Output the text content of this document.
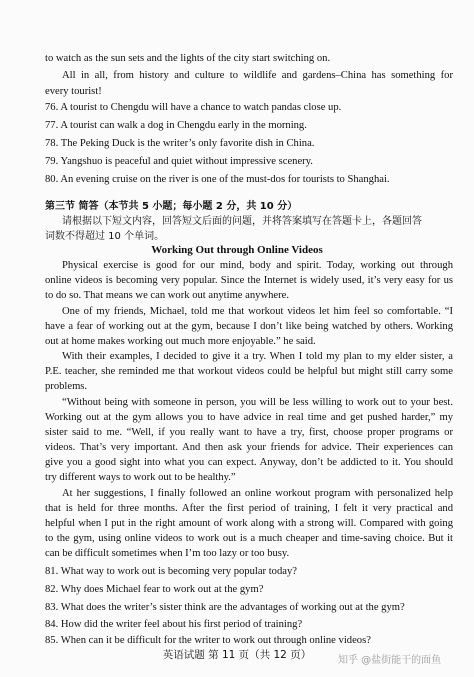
to watch as the sun sets and the lights of the city start switching on.
All in all, from history and culture to wildlife and gardens–China has something for
every tourist!
76. A tourist to Chengdu will have a chance to watch pandas close up.
77. A tourist can walk a dog in Chengdu early in the morning.
78. The Peking Duck is the writer’s only favorite dish in China.
79. Yangshuo is peaceful and quiet without impressive scenery.
80. An evening cruise on the river is one of the must-dos for tourists to Shanghai.
第三节 简答（本节共 5 小题；每小题 2 分，共 10 分）
请根据以下短文内容，回答短文后面的问题，并将答案填写在答题卡上，各题回答
词数不得超过 10 个单词。
Working Out through Online Videos
Physical exercise is good for our mind, body and spirit. Today, working out through
online videos is becoming very popular. Since the Internet is widely used, it’s very easy for us
to do so. That means we can work out anytime anywhere.
One of my friends, Michael, told me that workout videos let him feel so comfortable. “I
have a fear of working out at the gym, because I don’t like being watched by others. Working
out at home makes working out much more enjoyable.” he said.
With their examples, I decided to give it a try. When I told my plan to my elder sister, a
P.E. teacher, she reminded me that workout videos could be helpful but might still carry some
problems.
“Without being with someone in person, you will be less willing to work out to your best.
Working out at the gym allows you to have advice in real time and get pushed harder,” my
sister said to me. “Well, if you really want to have a try, first, choose proper programs or
videos. That’s very important. And then ask your friends for advice. Their experiences can
give you a good sight into what you can expect. Anyway, don’t be addicted to it. You should
try different ways to work out to be healthy.”
At her suggestions, I finally followed an online workout program with personalized help
that is held for three months. After the first period of training, I felt it very practical and
helpful when I put in the right amount of work along with a strong will. Compared with going
to the gym, using online videos to work out is a much cheaper and time-saving choice. But it
can be difficult sometimes when I’m too lazy or too busy.
81. What way to work out is becoming very popular today?
82. Why does Michael fear to work out at the gym?
83. What does the writer’s sister think are the advantages of working out at the gym?
84. How did the writer feel about his first period of training?
85. When can it be difficult for the writer to work out through online videos?
英语试题 第 11 页（共 12 页）	知乎 @盐街能干的面鱼
